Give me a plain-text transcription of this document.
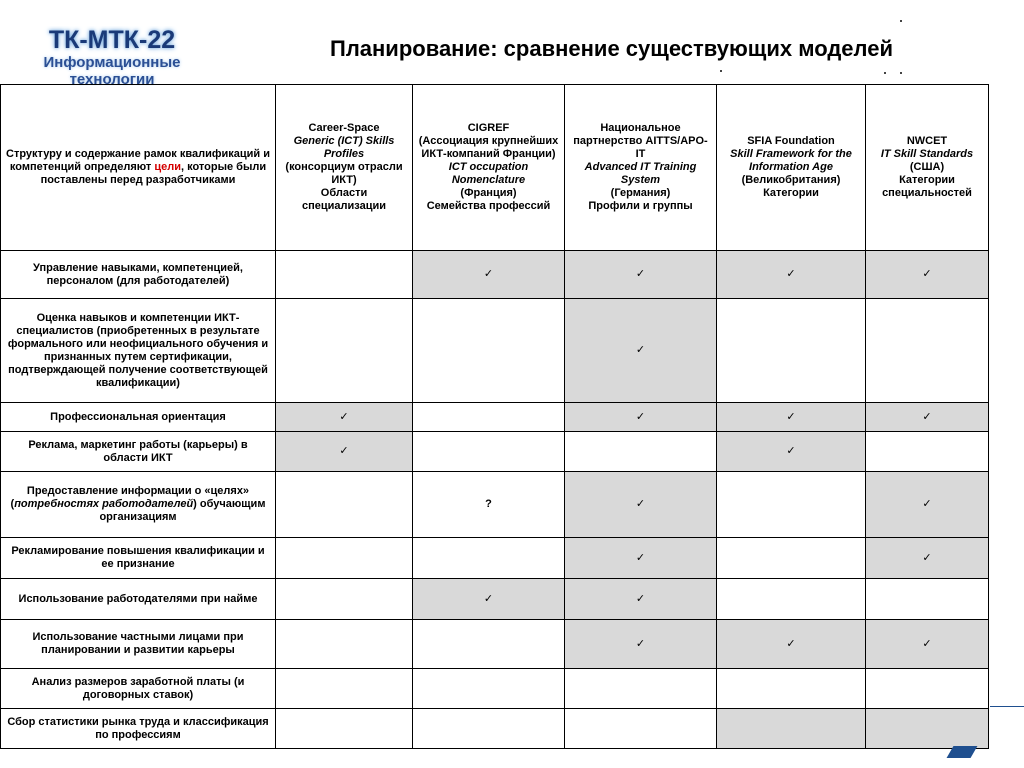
ТК-МТК-22
Информационные
технологии
Планирование: сравнение существующих моделей
Структуру и содержание рамок квалификаций и компетенций определяют цели, которые были поставлены перед разработчиками	Career-Space
Generic (ICT) Skills Profiles
(консорциум отрасли ИКТ)
Области специализации	CIGREF
(Ассоциация крупнейших ИКТ-компаний Франции)
ICT occupation Nomenclature
(Франция)
Семейства профессий	Национальное партнерство AITTS/APO-IT
Advanced IT Training System
(Германия)
Профили и группы	SFIA Foundation
Skill Framework for the Information Age
(Великобритания)
Категории	NWCET
IT Skill Standards
(США)
Категории специальностей

Управление навыками, компетенцией, персоналом (для работодателей)		✓	✓	✓	✓
Оценка навыков и компетенции ИКТ-специалистов (приобретенных в результате формального или неофициального обучения и признанных путем сертификации, подтверждающей получение соответствующей квалификации)			✓		
Профессиональная ориентация	✓		✓	✓	✓
Реклама, маркетинг работы (карьеры) в области ИКТ	✓			✓	
Предоставление информации о «целях» (потребностях работодателей) обучающим организациям		?	✓		✓
Рекламирование повышения квалификации и ее признание			✓		✓
Использование работодателями при найме		✓	✓		
Использование частными лицами при планировании и развитии карьеры			✓	✓	✓
Анализ размеров заработной платы (и договорных ставок)					
Сбор статистики рынка труда и классификация по профессиям					
